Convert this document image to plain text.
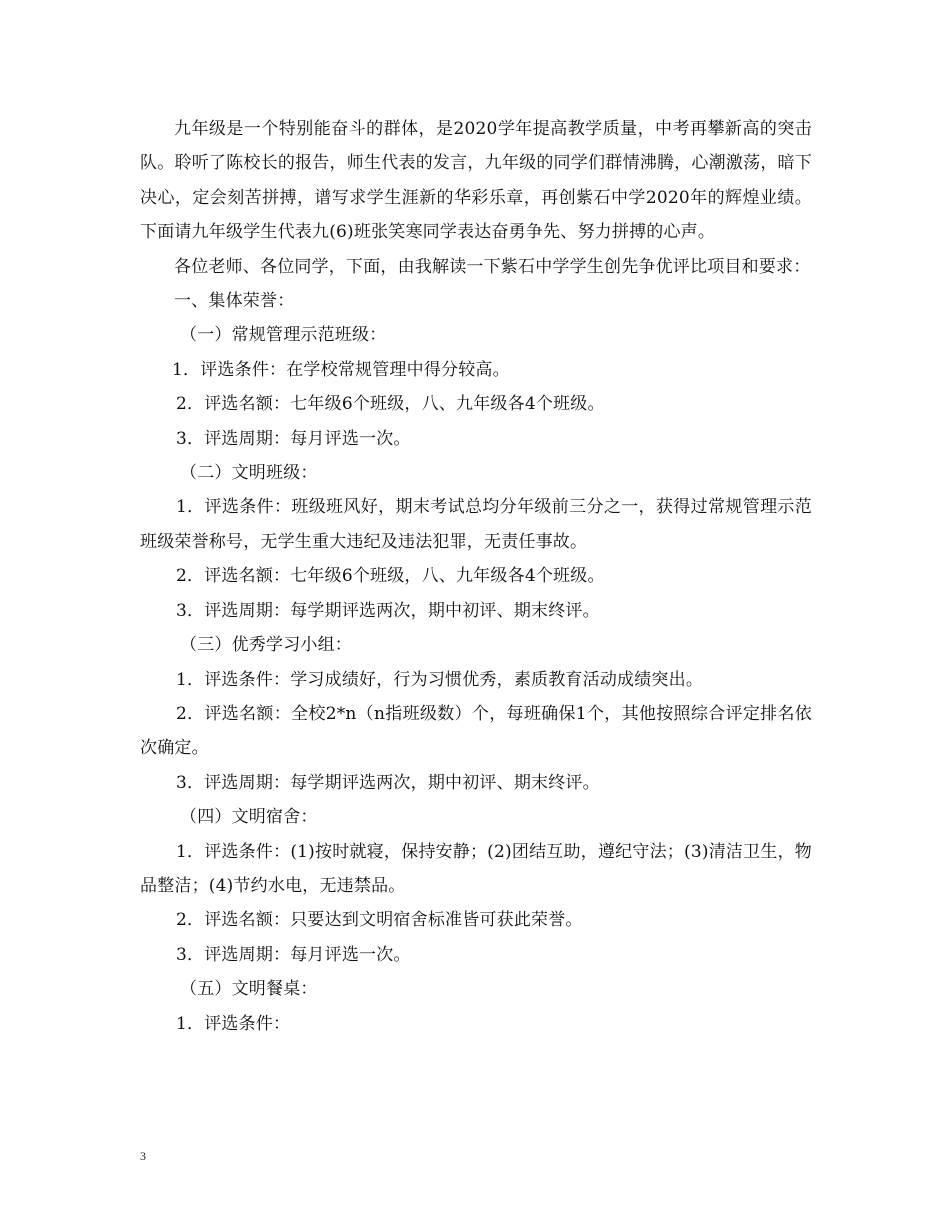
九年级是一个特别能奋斗的群体，是2020学年提高教学质量，中考再攀新高的突击队。聆听了陈校长的报告，师生代表的发言，九年级的同学们群情沸腾，心潮激荡，暗下决心，定会刻苦拼搏，谱写求学生涯新的华彩乐章，再创紫石中学2020年的辉煌业绩。下面请九年级学生代表九(6)班张笑寒同学表达奋勇争先、努力拼搏的心声。

各位老师、各位同学，下面，由我解读一下紫石中学学生创先争优评比项目和要求：

一、集体荣誉：

（一）常规管理示范班级：

1．评选条件：在学校常规管理中得分较高。

2．评选名额：七年级6个班级，八、九年级各4个班级。

3．评选周期：每月评选一次。

（二）文明班级：

1．评选条件：班级班风好，期末考试总均分年级前三分之一，获得过常规管理示范班级荣誉称号，无学生重大违纪及违法犯罪，无责任事故。

2．评选名额：七年级6个班级，八、九年级各4个班级。

3．评选周期：每学期评选两次，期中初评、期末终评。

（三）优秀学习小组：

1．评选条件：学习成绩好，行为习惯优秀，素质教育活动成绩突出。

2．评选名额：全校2*n（n指班级数）个，每班确保1个，其他按照综合评定排名依次确定。

3．评选周期：每学期评选两次，期中初评、期末终评。

（四）文明宿舍：

1．评选条件：(1)按时就寝，保持安静；(2)团结互助，遵纪守法；(3)清洁卫生，物品整洁；(4)节约水电，无违禁品。

2．评选名额：只要达到文明宿舍标准皆可获此荣誉。

3．评选周期：每月评选一次。

（五）文明餐桌：

1．评选条件：

3
